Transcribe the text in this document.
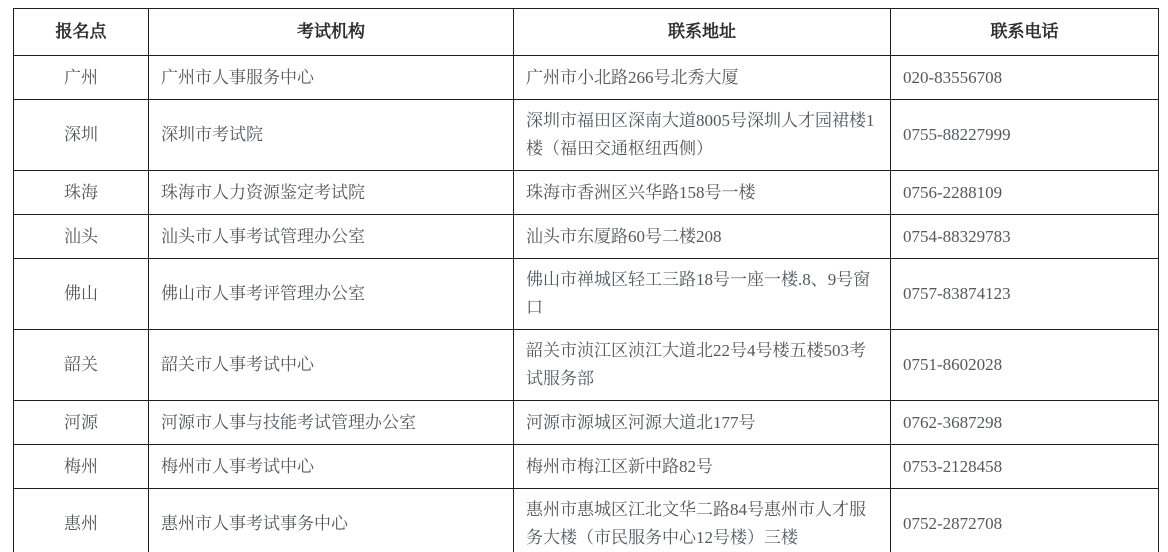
报名点	考试机构	联系地址	联系电话
广州	广州市人事服务中心	广州市小北路266号北秀大厦	020-83556708
深圳	深圳市考试院	深圳市福田区深南大道8005号深圳人才园裙楼1楼（福田交通枢纽西侧）	0755-88227999
珠海	珠海市人力资源鉴定考试院	珠海市香洲区兴华路158号一楼	0756-2288109
汕头	汕头市人事考试管理办公室	汕头市东厦路60号二楼208	0754-88329783
佛山	佛山市人事考评管理办公室	佛山市禅城区轻工三路18号一座一楼.8、9号窗口	0757-83874123
韶关	韶关市人事考试中心	韶关市浈江区浈江大道北22号4号楼五楼503考试服务部	0751-8602028
河源	河源市人事与技能考试管理办公室	河源市源城区河源大道北177号	0762-3687298
梅州	梅州市人事考试中心	梅州市梅江区新中路82号	0753-2128458
惠州	惠州市人事考试事务中心	惠州市惠城区江北文华二路84号惠州市人才服务大楼（市民服务中心12号楼）三楼	0752-2872708
